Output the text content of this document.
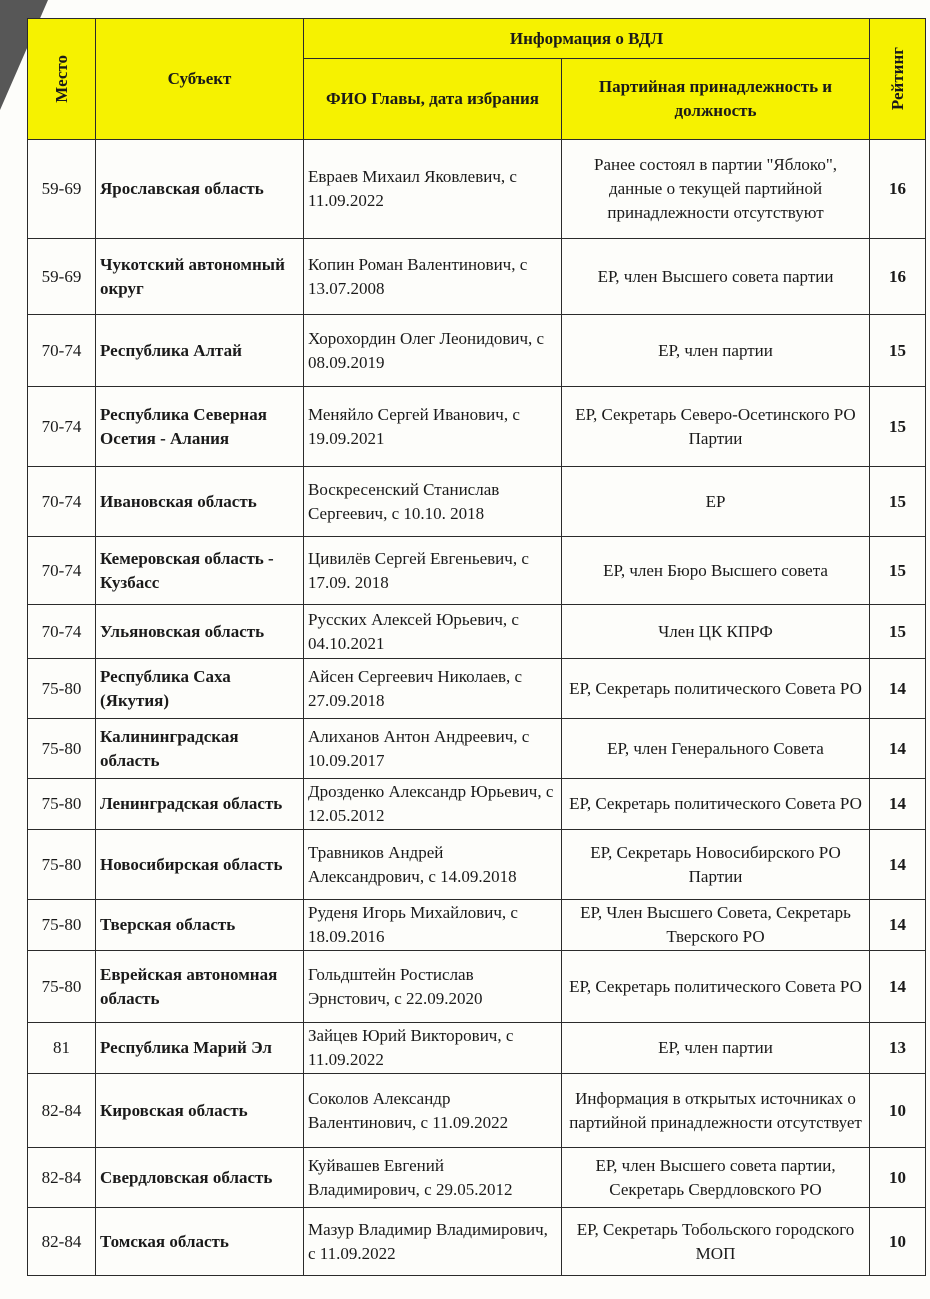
Место	Субъект	Информация о ВДЛ		Рейтинг

		ФИО Главы, дата избрания	Партийная принадлежность и должность	
59-69	Ярославская область	Евраев Михаил Яковлевич, с 11.09.2022	Ранее состоял в партии "Яблоко", данные о текущей партийной принадлежности отсутствуют	16
59-69	Чукотский автономный округ	Копин Роман Валентинович, с 13.07.2008	ЕР, член Высшего совета партии	16
70-74	Республика Алтай	Хорохордин Олег Леонидович, с 08.09.2019	ЕР, член партии	15
70-74	Республика Северная Осетия - Алания	Меняйло Сергей Иванович, с 19.09.2021	ЕР, Секретарь Северо-Осетинского РО Партии	15
70-74	Ивановская область	Воскресенский Станислав Сергеевич, с 10.10. 2018	ЕР	15
70-74	Кемеровская область - Кузбасс	Цивилёв Сергей Евгеньевич, с 17.09. 2018	ЕР, член Бюро Высшего совета	15
70-74	Ульяновская область	Русских Алексей Юрьевич, с 04.10.2021	Член ЦК КПРФ	15
75-80	Республика Саха (Якутия)	Айсен Сергеевич Николаев, с 27.09.2018	ЕР, Секретарь политического Совета РО	14
75-80	Калининградская область	Алиханов Антон Андреевич, с 10.09.2017	ЕР, член Генерального Совета	14
75-80	Ленинградская область	Дрозденко Александр Юрьевич, с 12.05.2012	ЕР, Секретарь политического Совета РО	14
75-80	Новосибирская область	Травников Андрей Александрович, с 14.09.2018	ЕР, Секретарь Новосибирского РО Партии	14
75-80	Тверская область	Руденя Игорь Михайлович, с 18.09.2016	ЕР, Член Высшего Совета, Секретарь Тверского РО	14
75-80	Еврейская автономная область	Гольдштейн Ростислав Эрнстович, с 22.09.2020	ЕР, Секретарь политического Совета РО	14
81	Республика Марий Эл	Зайцев Юрий Викторович, с 11.09.2022	ЕР, член партии	13
82-84	Кировская область	Соколов Александр Валентинович, с 11.09.2022	Информация в открытых источниках о партийной принадлежности отсутствует	10
82-84	Свердловская область	Куйвашев Евгений Владимирович, с 29.05.2012	ЕР, член Высшего совета партии, Секретарь Свердловского РО	10
82-84	Томская область	Мазур Владимир Владимирович, с 11.09.2022	ЕР, Секретарь Тобольского городского МОП	10
